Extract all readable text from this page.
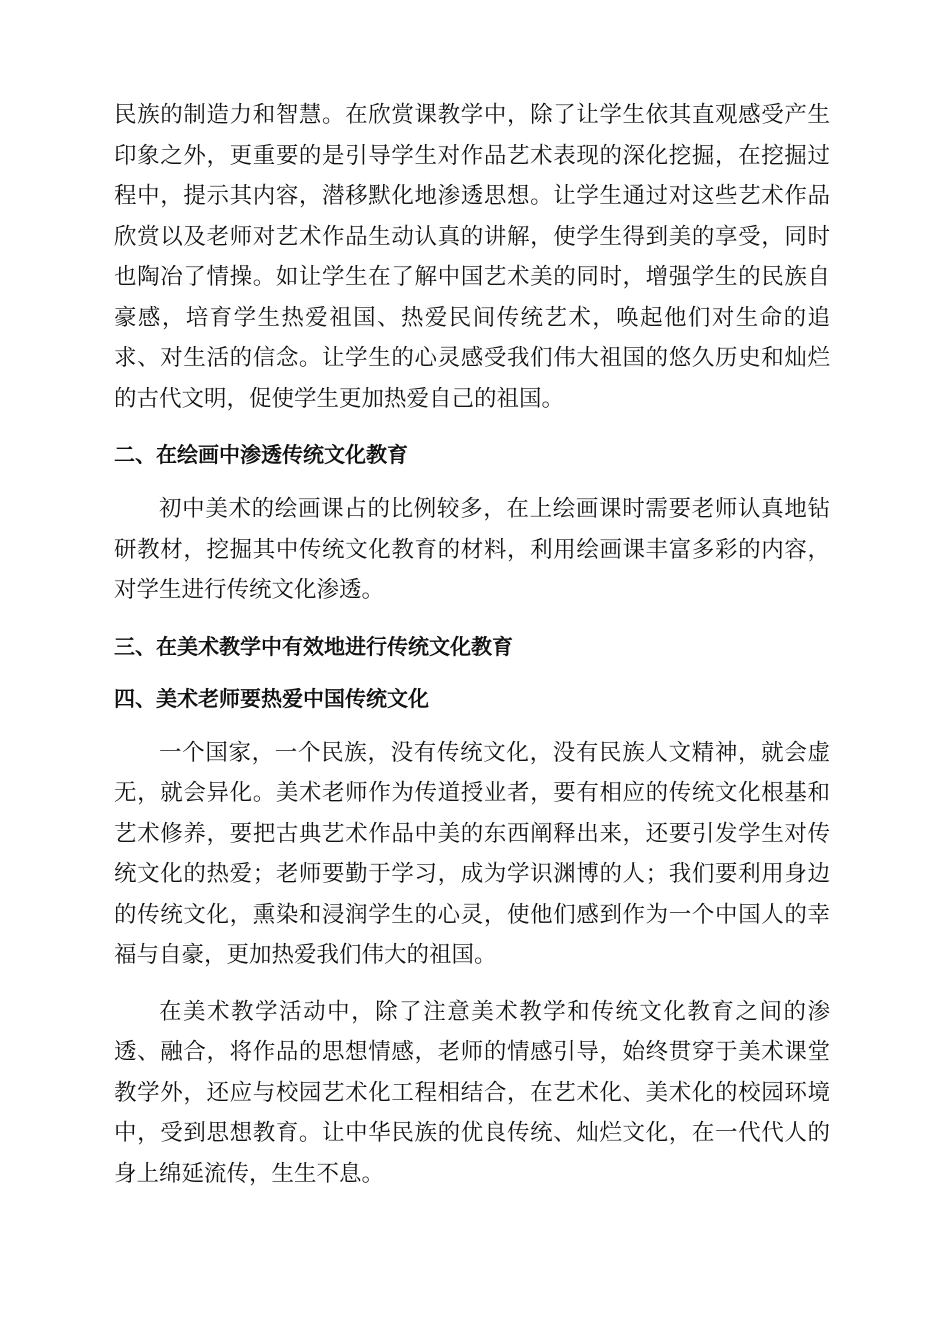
民族的制造力和智慧。在欣赏课教学中，除了让学生依其直观感受产生印象之外，更重要的是引导学生对作品艺术表现的深化挖掘，在挖掘过程中，提示其内容，潜移默化地渗透思想。让学生通过对这些艺术作品欣赏以及老师对艺术作品生动认真的讲解，使学生得到美的享受，同时也陶冶了情操。如让学生在了解中国艺术美的同时，增强学生的民族自豪感，培育学生热爱祖国、热爱民间传统艺术，唤起他们对生命的追求、对生活的信念。让学生的心灵感受我们伟大祖国的悠久历史和灿烂的古代文明，促使学生更加热爱自己的祖国。

二、在绘画中渗透传统文化教育

初中美术的绘画课占的比例较多，在上绘画课时需要老师认真地钻研教材，挖掘其中传统文化教育的材料，利用绘画课丰富多彩的内容，对学生进行传统文化渗透。

三、在美术教学中有效地进行传统文化教育
四、美术老师要热爱中国传统文化

一个国家，一个民族，没有传统文化，没有民族人文精神，就会虚无，就会异化。美术老师作为传道授业者，要有相应的传统文化根基和艺术修养，要把古典艺术作品中美的东西阐释出来，还要引发学生对传统文化的热爱；老师要勤于学习，成为学识渊博的人；我们要利用身边的传统文化，熏染和浸润学生的心灵，使他们感到作为一个中国人的幸福与自豪，更加热爱我们伟大的祖国。

在美术教学活动中，除了注意美术教学和传统文化教育之间的渗透、融合，将作品的思想情感，老师的情感引导，始终贯穿于美术课堂教学外，还应与校园艺术化工程相结合，在艺术化、美术化的校园环境中，受到思想教育。让中华民族的优良传统、灿烂文化，在一代代人的身上绵延流传，生生不息。
